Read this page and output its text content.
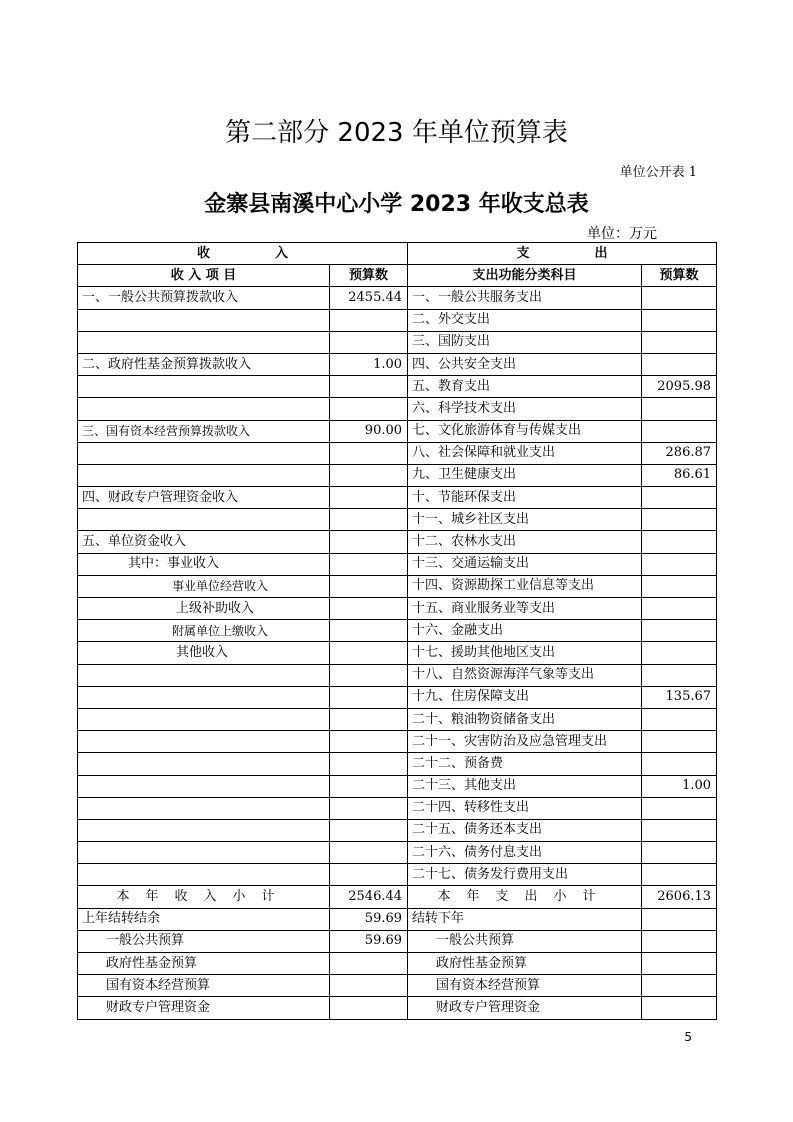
第二部分 2023 年单位预算表
单位公开表 1
金寨县南溪中心小学 2023 年收支总表
单位：万元
收　　　　　入		支　　　　　出	
收 入 项 目	预算数	支出功能分类科目	预算数
一、一般公共预算拨款收入	2455.44	一、一般公共服务支出	
		二、外交支出	
		三、国防支出	
二、政府性基金预算拨款收入	1.00	四、公共安全支出	
		五、教育支出	2095.98
		六、科学技术支出	
三、国有资本经营预算拨款收入	90.00	七、文化旅游体育与传媒支出	
		八、社会保障和就业支出	286.87
		九、卫生健康支出	86.61
四、财政专户管理资金收入		十、节能环保支出	
		十一、城乡社区支出	
五、单位资金收入		十二、农林水支出	
其中：事业收入		十三、交通运输支出	
事业单位经营收入		十四、资源勘探工业信息等支出	
上级补助收入		十五、商业服务业等支出	
附属单位上缴收入		十六、金融支出	
其他收入		十七、援助其他地区支出	
		十八、自然资源海洋气象等支出	
		十九、住房保障支出	135.67
		二十、粮油物资储备支出	
		二十一、灾害防治及应急管理支出	
		二十二、预备费	
		二十三、其他支出	1.00
		二十四、转移性支出	
		二十五、债务还本支出	
		二十六、债务付息支出	
		二十七、债务发行费用支出	
本年收入小计	2546.44	本年支出小计	2606.13
上年结转结余	59.69	结转下年	
一般公共预算	59.69	一般公共预算	
政府性基金预算		政府性基金预算	
国有资本经营预算		国有资本经营预算	
财政专户管理资金		财政专户管理资金	
5
